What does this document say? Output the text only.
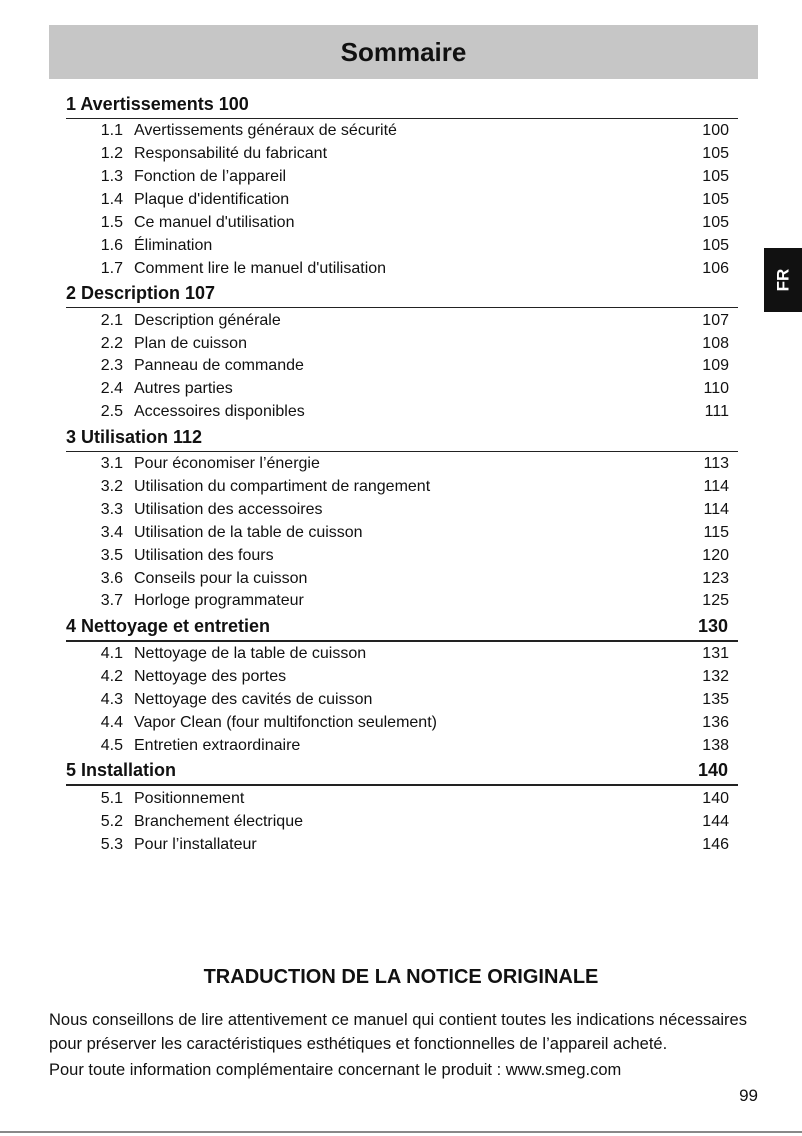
Sommaire
FR
1 Avertissements 100
1.1 Avertissements généraux de sécurité	100
1.2 Responsabilité du fabricant	105
1.3 Fonction de l’appareil	105
1.4 Plaque d'identification	105
1.5 Ce manuel d'utilisation	105
1.6 Élimination	105
1.7 Comment lire le manuel d'utilisation	106
2 Description 107
2.1 Description générale	107
2.2 Plan de cuisson	108
2.3 Panneau de commande	109
2.4 Autres parties	110
2.5 Accessoires disponibles	111
3 Utilisation 112
3.1 Pour économiser l’énergie	113
3.2 Utilisation du compartiment de rangement	114
3.3 Utilisation des accessoires	114
3.4 Utilisation de la table de cuisson	115
3.5 Utilisation des fours	120
3.6 Conseils pour la cuisson	123
3.7 Horloge programmateur	125
4 Nettoyage et entretien	130
4.1 Nettoyage de la table de cuisson	131
4.2 Nettoyage des portes	132
4.3 Nettoyage des cavités de cuisson	135
4.4 Vapor Clean (four multifonction seulement)	136
4.5 Entretien extraordinaire	138
5 Installation	140
5.1 Positionnement	140
5.2 Branchement électrique	144
5.3 Pour l’installateur	146
TRADUCTION DE LA NOTICE ORIGINALE

Nous conseillons de lire attentivement ce manuel qui contient toutes les indications nécessaires pour préserver les caractéristiques esthétiques et fonctionnelles de l’appareil acheté.

Pour toute information complémentaire concernant le produit : www.smeg.com

99
